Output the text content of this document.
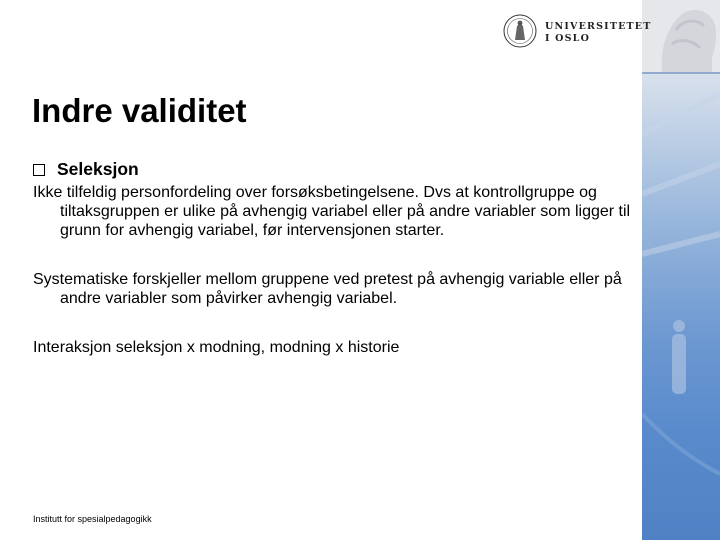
UNIVERSITETET
I OSLO
Indre validitet
Seleksjon

Ikke tilfeldig personfordeling over forsøksbetingelsene. Dvs at kontrollgruppe og tiltaksgruppen er ulike på avhengig variabel eller på andre variabler som ligger til grunn for avhengig variabel, før intervensjonen starter.

Systematiske forskjeller mellom gruppene ved pretest på avhengig variable eller på andre variabler som påvirker avhengig variabel.

Interaksjon seleksjon x modning, modning x historie

Institutt for spesialpedagogikk
